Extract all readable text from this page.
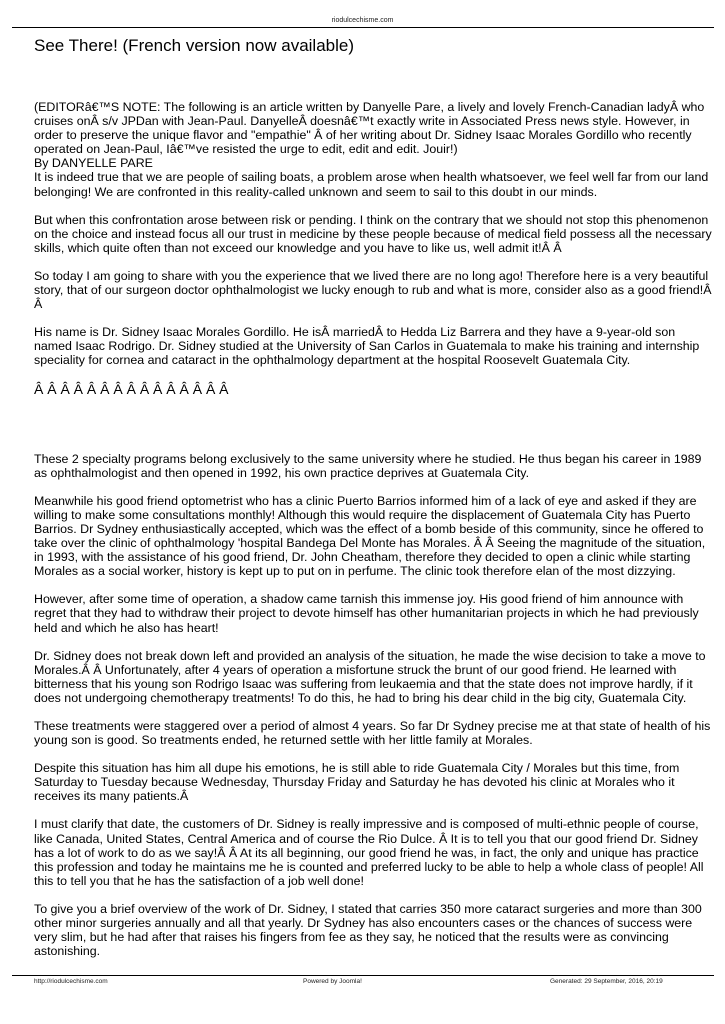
riodulcechisme.com
See There! (French version now available)

(EDITORâ€™S NOTE: The following is an article written by Danyelle Pare, a lively and lovely French-Canadian ladyÂ who cruises onÂ s/v JPDan with Jean-Paul. DanyelleÂ doesnâ€™t exactly write in Associated Press news style. However, in order to preserve the unique flavor and "empathie" Â of her writing about Dr. Sidney Isaac Morales Gordillo who recently operated on Jean-Paul, Iâ€™ve resisted the urge to edit, edit and edit. Jouir!)

By DANYELLE PARE

It is indeed true that we are people of sailing boats, a problem arose when health whatsoever, we feel well far from our land belonging! We are confronted in this reality-called unknown and seem to sail to this doubt in our minds.

But when this confrontation arose between risk or pending. I think on the contrary that we should not stop this phenomenon on the choice and instead focus all our trust in medicine by these people because of medical field possess all the necessary skills, which quite often than not exceed our knowledge and you have to like us, well admit it!Â Â

So today I am going to share with you the experience that we lived there are no long ago! Therefore here is a very beautiful story, that of our surgeon doctor ophthalmologist we lucky enough to rub and what is more, consider also as a good friend!Â Â

His name is Dr. Sidney Isaac Morales Gordillo. He isÂ marriedÂ to Hedda Liz Barrera and they have a 9-year-old son named Isaac Rodrigo. Dr. Sidney studied at the University of San Carlos in Guatemala to make his training and internship speciality for cornea and cataract in the ophthalmology department at the hospital Roosevelt Guatemala City.

Â Â Â Â Â Â Â Â Â Â Â Â Â Â Â

These 2 specialty programs belong exclusively to the same university where he studied. He thus began his career in 1989 as ophthalmologist and then opened in 1992, his own practice deprives at Guatemala City.

Meanwhile his good friend optometrist who has a clinic Puerto Barrios informed him of a lack of eye and asked if they are willing to make some consultations monthly! Although this would require the displacement of Guatemala City has Puerto Barrios. Dr Sydney enthusiastically accepted, which was the effect of a bomb beside of this community, since he offered to take over the clinic of ophthalmology 'hospital Bandega Del Monte has Morales. Â Â Seeing the magnitude of the situation, in 1993, with the assistance of his good friend, Dr. John Cheatham, therefore they decided to open a clinic while starting Morales as a social worker, history is kept up to put on in perfume. The clinic took therefore elan of the most dizzying.

However, after some time of operation, a shadow came tarnish this immense joy. His good friend of him announce with regret that they had to withdraw their project to devote himself has other humanitarian projects in which he had previously held and which he also has heart!

Dr. Sidney does not break down left and provided an analysis of the situation, he made the wise decision to take a move to Morales.Â Â Unfortunately, after 4 years of operation a misfortune struck the brunt of our good friend. He learned with bitterness that his young son Rodrigo Isaac was suffering from leukaemia and that the state does not improve hardly, if it does not undergoing chemotherapy treatments! To do this, he had to bring his dear child in the big city, Guatemala City.

These treatments were staggered over a period of almost 4 years. So far Dr Sydney precise me at that state of health of his young son is good. So treatments ended, he returned settle with her little family at Morales.

Despite this situation has him all dupe his emotions, he is still able to ride Guatemala City / Morales but this time, from Saturday to Tuesday because Wednesday, Thursday Friday and Saturday he has devoted his clinic at Morales who it receives its many patients.Â

I must clarify that date, the customers of Dr. Sidney is really impressive and is composed of multi-ethnic people of course, like Canada, United States, Central America and of course the Rio Dulce. Â It is to tell you that our good friend Dr. Sidney has a lot of work to do as we say!Â Â At its all beginning, our good friend he was, in fact, the only and unique has practice this profession and today he maintains me he is counted and preferred lucky to be able to help a whole class of people! All this to tell you that he has the satisfaction of a job well done!

To give you a brief overview of the work of Dr. Sidney, I stated that carries 350 more cataract surgeries and more than 300 other minor surgeries annually and all that yearly. Dr Sydney has also encounters cases or the chances of success were very slim, but he had after that raises his fingers from fee as they say, he noticed that the results were as convincing astonishing.

http://riodulcechisme.com	Powered by Joomla!	Generated: 29 September, 2016, 20:19
